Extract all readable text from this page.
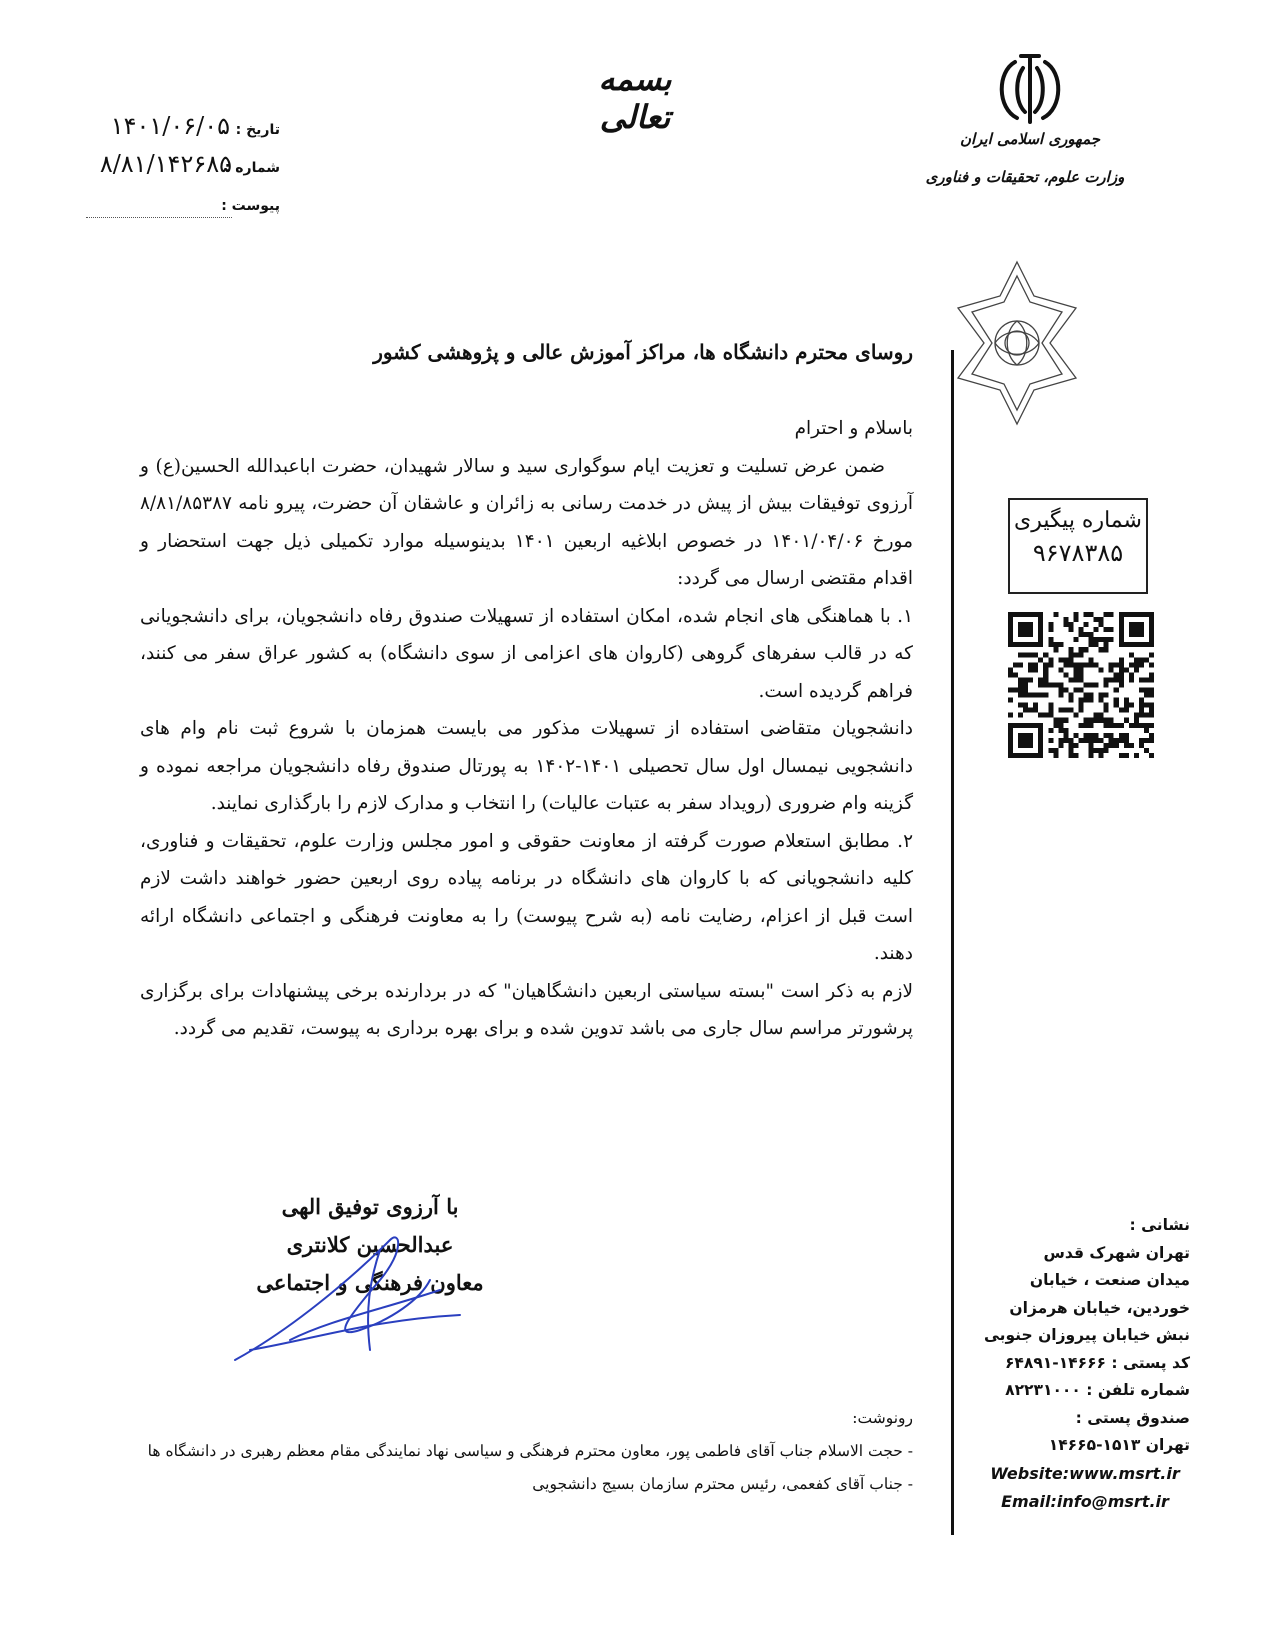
۱۴۰۱/۰۶/۰۵ تاریخ :
۸/۸۱/۱۴۲۶۸۵
شماره :
پیوست :
بسمه تعالی
جمهوری اسلامی ایران
وزارت علوم، تحقیقات و فناوری
شماره پیگیری
۹۶۷۸۳۸۵
روسای محترم دانشگاه ها، مراکز آموزش عالی و پژوهشی کشور

باسلام و احترام

ضمن عرض تسلیت و تعزیت ایام سوگواری سید و سالار شهیدان، حضرت اباعبدالله الحسین(ع) و آرزوی توفیقات بیش از پیش در خدمت رسانی به زائران و عاشقان آن حضرت، پیرو نامه ۸/۸۱/۸۵۳۸۷ مورخ ۱۴۰۱/۰۴/۰۶ در خصوص ابلاغیه اربعین ۱۴۰۱ بدینوسیله موارد تکمیلی ذیل جهت استحضار و اقدام مقتضی ارسال می گردد:

۱. با هماهنگی های انجام شده، امکان استفاده از تسهیلات صندوق رفاه دانشجویان، برای دانشجویانی که در قالب سفرهای گروهی (کاروان های اعزامی از سوی دانشگاه) به کشور عراق سفر می کنند، فراهم گردیده است.

دانشجویان متقاضی استفاده از تسهیلات مذکور می بایست همزمان با شروع ثبت نام وام های دانشجویی نیمسال اول سال تحصیلی ۱۴۰۱-۱۴۰۲ به پورتال صندوق رفاه دانشجویان مراجعه نموده و گزینه وام ضروری (رویداد سفر به عتبات عالیات) را انتخاب و مدارک لازم را بارگذاری نمایند.

۲. مطابق استعلام صورت گرفته از معاونت حقوقی و امور مجلس وزارت علوم، تحقیقات و فناوری، کلیه دانشجویانی که با کاروان های دانشگاه در برنامه پیاده روی اربعین حضور خواهند داشت لازم است قبل از اعزام، رضایت نامه (به شرح پیوست) را به معاونت فرهنگی و اجتماعی دانشگاه ارائه دهند.

لازم به ذکر است "بسته سیاستی اربعین دانشگاهیان" که در بردارنده برخی پیشنهادات برای برگزاری پرشورتر مراسم سال جاری می باشد تدوین شده و برای بهره برداری به پیوست، تقدیم می گردد.

با آرزوی توفیق الهی
عبدالحسین کلانتری
معاون فرهنگی و اجتماعی
نشانی :
تهران شهرک قدس
میدان صنعت ، خیابان
خوردین، خیابان هرمزان
نبش خیابان پیروزان جنوبی
کد پستی : ۱۴۶۶۶-۶۴۸۹۱
شماره تلفن : ۸۲۲۳۱۰۰۰
صندوق پستی :
تهران ۱۵۱۳-۱۴۶۶۵
Website:www.msrt.ir
Email:info@msrt.ir

رونوشت:

- حجت الاسلام جناب آقای فاطمی پور، معاون محترم فرهنگی و سیاسی نهاد نمایندگی مقام معظم رهبری در دانشگاه ها

- جناب آقای کفعمی، رئیس محترم سازمان بسیج دانشجویی
